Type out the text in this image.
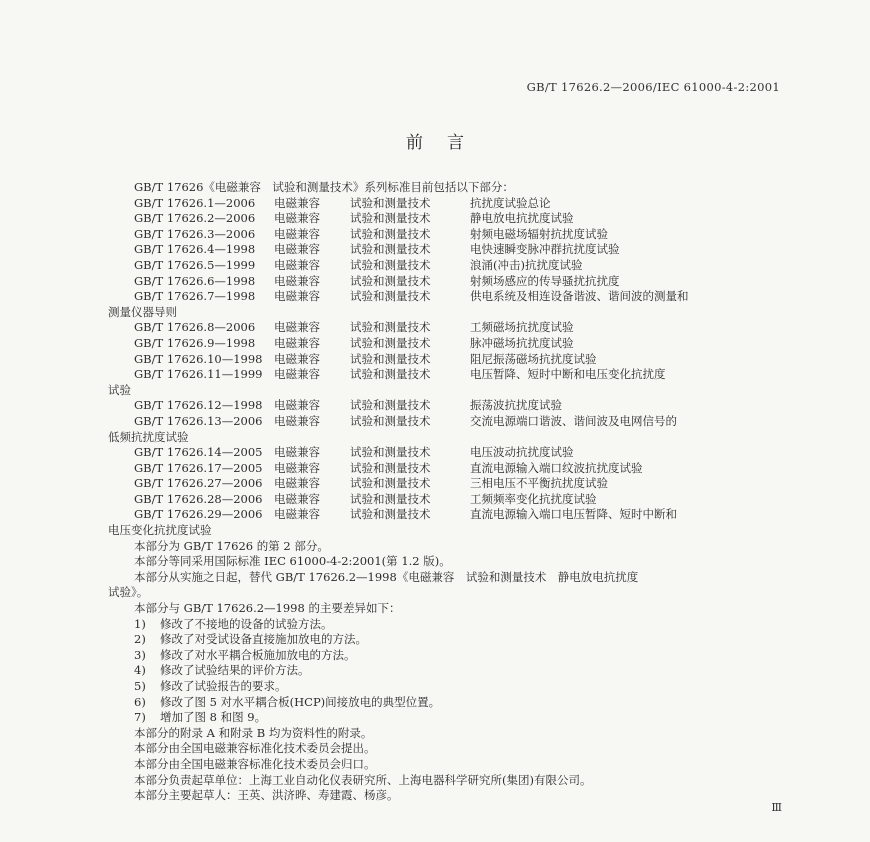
GB/T 17626.2—2006/IEC 61000-4-2:2001
前言

GB/T 17626《电磁兼容　试验和测量技术》系列标准目前包括以下部分：

GB/T 17626.1—2006	电磁兼容	试验和测量技术	抗扰度试验总论
GB/T 17626.2—2006	电磁兼容	试验和测量技术	静电放电抗扰度试验
GB/T 17626.3—2006	电磁兼容	试验和测量技术	射频电磁场辐射抗扰度试验
GB/T 17626.4—1998	电磁兼容	试验和测量技术	电快速瞬变脉冲群抗扰度试验
GB/T 17626.5—1999	电磁兼容	试验和测量技术	浪涌(冲击)抗扰度试验
GB/T 17626.6—1998	电磁兼容	试验和测量技术	射频场感应的传导骚扰抗扰度
GB/T 17626.7—1998	电磁兼容	试验和测量技术	供电系统及相连设备谐波、谐间波的测量和

测量仪器导则

GB/T 17626.8—2006	电磁兼容	试验和测量技术	工频磁场抗扰度试验
GB/T 17626.9—1998	电磁兼容	试验和测量技术	脉冲磁场抗扰度试验
GB/T 17626.10—1998	电磁兼容	试验和测量技术	阻尼振荡磁场抗扰度试验
GB/T 17626.11—1999	电磁兼容	试验和测量技术	电压暂降、短时中断和电压变化抗扰度

试验

GB/T 17626.12—1998	电磁兼容	试验和测量技术	振荡波抗扰度试验
GB/T 17626.13—2006	电磁兼容	试验和测量技术	交流电源端口谐波、谐间波及电网信号的

低频抗扰度试验

GB/T 17626.14—2005	电磁兼容	试验和测量技术	电压波动抗扰度试验
GB/T 17626.17—2005	电磁兼容	试验和测量技术	直流电源输入端口纹波抗扰度试验
GB/T 17626.27—2006	电磁兼容	试验和测量技术	三相电压不平衡抗扰度试验
GB/T 17626.28—2006	电磁兼容	试验和测量技术	工频频率变化抗扰度试验
GB/T 17626.29—2006	电磁兼容	试验和测量技术	直流电源输入端口电压暂降、短时中断和

电压变化抗扰度试验

本部分为 GB/T 17626 的第 2 部分。

本部分等同采用国际标准 IEC 61000-4-2:2001(第 1.2 版)。

本部分从实施之日起，替代 GB/T 17626.2—1998《电磁兼容　试验和测量技术　静电放电抗扰度

试验》。

本部分与 GB/T 17626.2—1998 的主要差异如下：

1)	修改了不接地的设备的试验方法。
2)	修改了对受试设备直接施加放电的方法。
3)	修改了对水平耦合板施加放电的方法。
4)	修改了试验结果的评价方法。
5)	修改了试验报告的要求。
6)	修改了图 5 对水平耦合板(HCP)间接放电的典型位置。
7)	增加了图 8 和图 9。

本部分的附录 A 和附录 B 均为资料性的附录。

本部分由全国电磁兼容标准化技术委员会提出。

本部分由全国电磁兼容标准化技术委员会归口。

本部分负责起草单位：上海工业自动化仪表研究所、上海电器科学研究所(集团)有限公司。

本部分主要起草人：王英、洪济晔、寿建霞、杨彦。

Ⅲ
